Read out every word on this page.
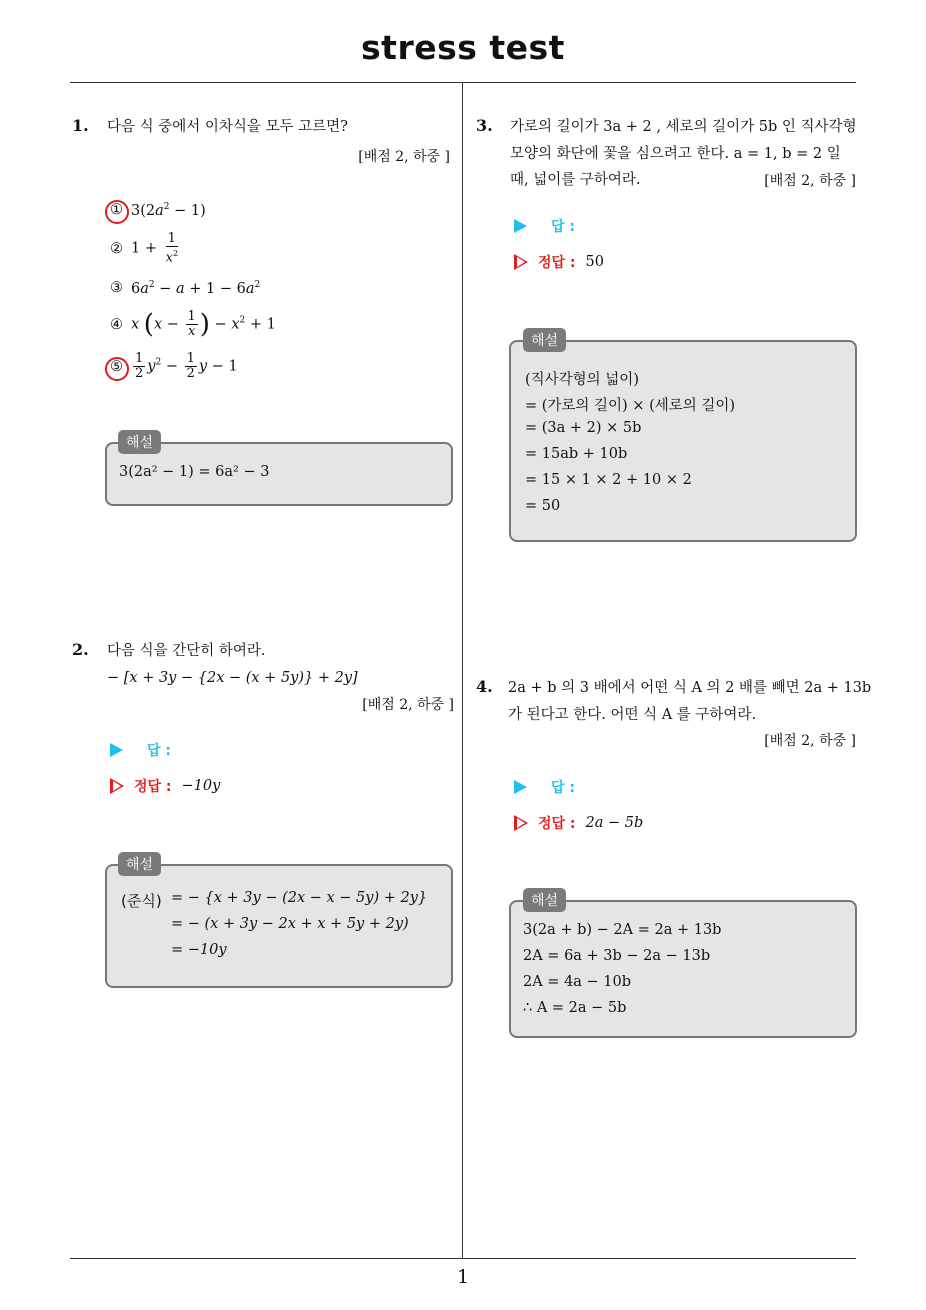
stress test
1
1. 다음 식 중에서 이차식을 모두 고르면?
[배점 2, 하중 ]
① $3(2a^2 - 1)$
② $1 + \frac{1}{x^2}$
③ $6a^2 - a + 1 - 6a^2$
④ x ($x - \frac{1}{x}$ ) − $x^2 + 1$
⑤ $\frac{1}{2} y^2 - \frac{1}{2}$ y − 1
3(2a² − 1) = 6a² − 3
해설
2. 다음 식을 간단히 하여라.
− [x + 3y − {2x − (x + 5y)} + 2y]
[배점 2, 하중 ]
답 :
정답 : −10y
(준식) = − {x + 3y − (2x − x − 5y) + 2y}
= − (x + 3y − 2x + x + 5y + 2y)
= −10y
해설
3. 가로의 길이가 3a + 2 , 세로의 길이가 5b 인 직사각형
모양의 화단에 꽃을 심으려고 한다. a = 1, b = 2 일
때, 넓이를 구하여라.	[배점 2, 하중 ]
답 :
정답 : 50
(직사각형의 넓이)
= (가로의 길이) × (세로의 길이)
= (3a + 2) × 5b
= 15ab + 10b
= 15 × 1 × 2 + 10 × 2
= 50
해설
4. 2a + b 의 3 배에서 어떤 식 A 의 2 배를 빼면 2a + 13b
가 된다고 한다. 어떤 식 A 를 구하여라.
[배점 2, 하중 ]
답 :
정답 : 2a − 5b
3(2a + b) − 2A = 2a + 13b
2A = 6a + 3b − 2a − 13b
2A = 4a − 10b
∴ A = 2a − 5b
해설
